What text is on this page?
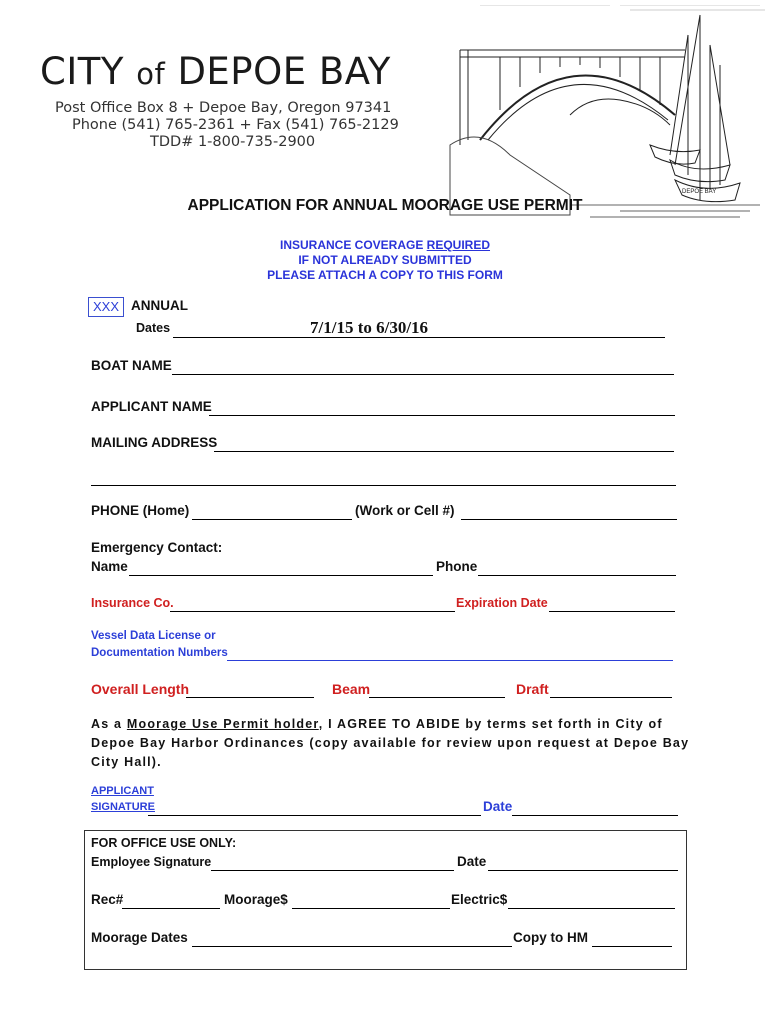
CITY of DEPOE BAY
Post Office Box 8 + Depoe Bay, Oregon 97341
Phone (541) 765-2361 + Fax (541) 765-2129
TDD# 1-800-735-2900
DEPOE BAY
APPLICATION FOR ANNUAL MOORAGE USE PERMIT
INSURANCE COVERAGE REQUIRED
IF NOT ALREADY SUBMITTED
PLEASE ATTACH A COPY TO THIS FORM
XXX ANNUAL
Dates	7/1/15 to 6/30/16
BOAT NAME
APPLICANT NAME
MAILING ADDRESS
PHONE (Home)	(Work or Cell #)
Emergency Contact:
Name	Phone
Insurance Co.	Expiration Date
Vessel Data License or
Documentation Numbers
Overall Length	Beam	Draft
As a Moorage Use Permit holder, I AGREE TO ABIDE by terms set forth in City of Depoe Bay Harbor Ordinances (copy available for review upon request at Depoe Bay City Hall).
APPLICANT
SIGNATURE	Date
FOR OFFICE USE ONLY:
Employee Signature	Date
Rec#	Moorage$	Electric$
Moorage Dates	Copy to HM
